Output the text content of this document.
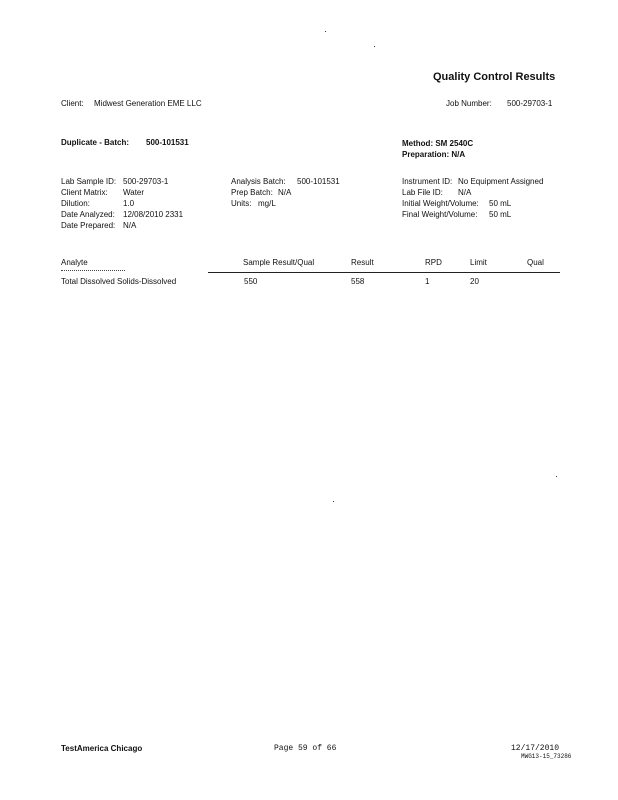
Quality Control Results
Client: Midwest Generation EME LLC	Job Number: 500-29703-1
Duplicate - Batch: 500-101531	Method: SM 2540C
Preparation: N/A
Lab Sample ID: 500-29703-1
Client Matrix: Water
Dilution:	1.0
Date Analyzed: 12/08/2010 2331
Date Prepared: N/A
Analysis Batch: 500-101531
Prep Batch: N/A
Units: mg/L
Instrument ID: No Equipment Assigned
Lab File ID: N/A
Initial Weight/Volume: 50 mL
Final Weight/Volume: 50 mL
Analyte	Sample Result/Qual	Result	RPD	Limit	Qual
Total Dissolved Solids-Dissolved	550	558	1	20
TestAmerica Chicago	Page 59 of 66	12/17/2010
MWG13-15_73286
